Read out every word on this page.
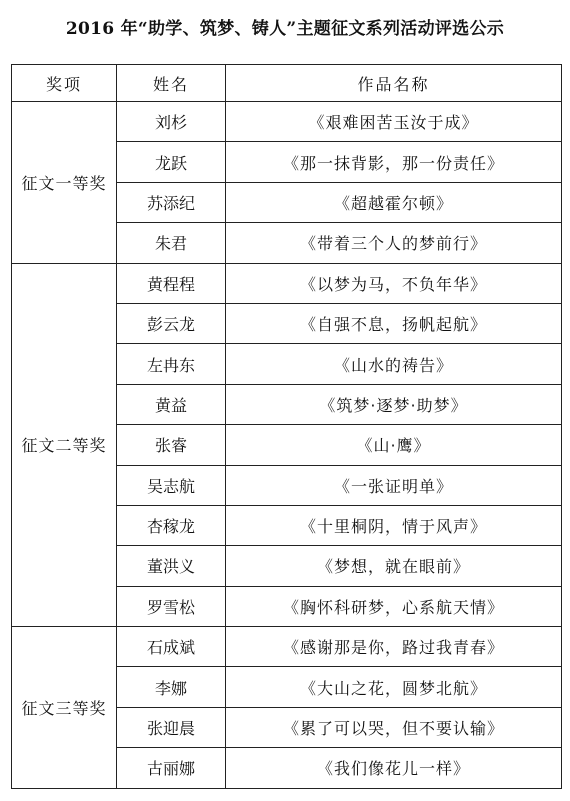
2016 年“助学、筑梦、铸人”主题征文系列活动评选公示
奖项	姓名	作品名称
征文一等奖	刘杉	《艰难困苦玉汝于成》
	龙跃	《那一抹背影，那一份责任》
	苏添纪	《超越霍尔顿》
	朱君	《带着三个人的梦前行》
征文二等奖	黄程程	《以梦为马，不负年华》
	彭云龙	《自强不息，扬帆起航》
	左冉东	《山水的祷告》
	黄益	《筑梦·逐梦·助梦》
	张睿	《山·鹰》
	吴志航	《一张证明单》
	杏稼龙	《十里桐阴，情于风声》
	董洪义	《梦想，就在眼前》
	罗雪松	《胸怀科研梦，心系航天情》
征文三等奖	石成斌	《感谢那是你，路过我青春》
	李娜	《大山之花，圆梦北航》
	张迎晨	《累了可以哭，但不要认输》
	古丽娜	《我们像花儿一样》
